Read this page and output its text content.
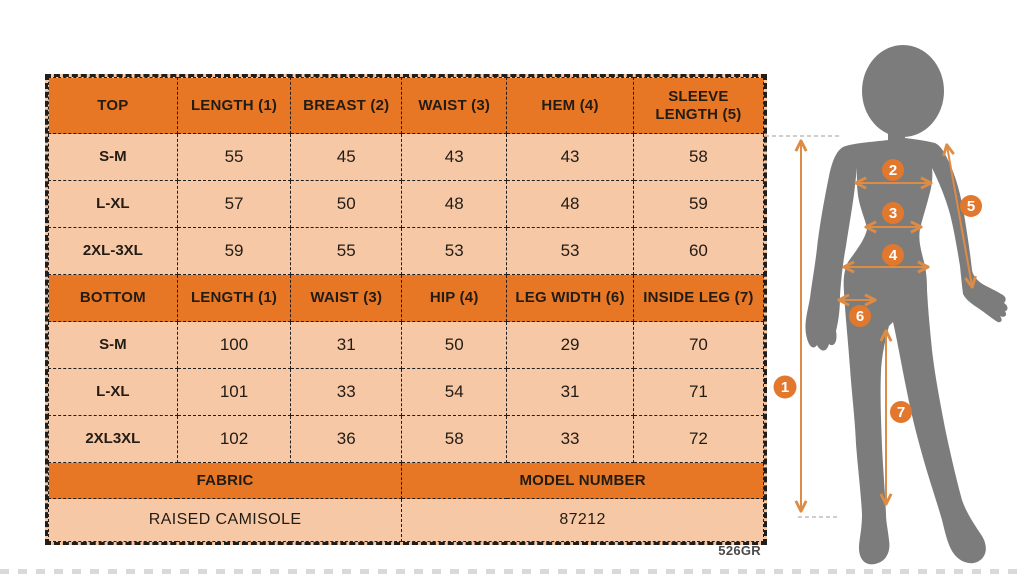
TOP	LENGTH (1)	BREAST (2)	WAIST (3)	HEM (4)	SLEEVE LENGTH (5)
S-M	55	45	43	43	58
L-XL	57	50	48	48	59
2XL-3XL	59	55	53	53	60
BOTTOM	LENGTH (1)	WAIST (3)	HIP (4)	LEG WIDTH (6)	INSIDE LEG (7)
S-M	100	31	50	29	70
L-XL	101	33	54	31	71
2XL3XL	102	36	58	33	72
FABRIC			MODEL NUMBER		
RAISED CAMISOLE			87212		
526GR
1
2
3
4
5
6
7
